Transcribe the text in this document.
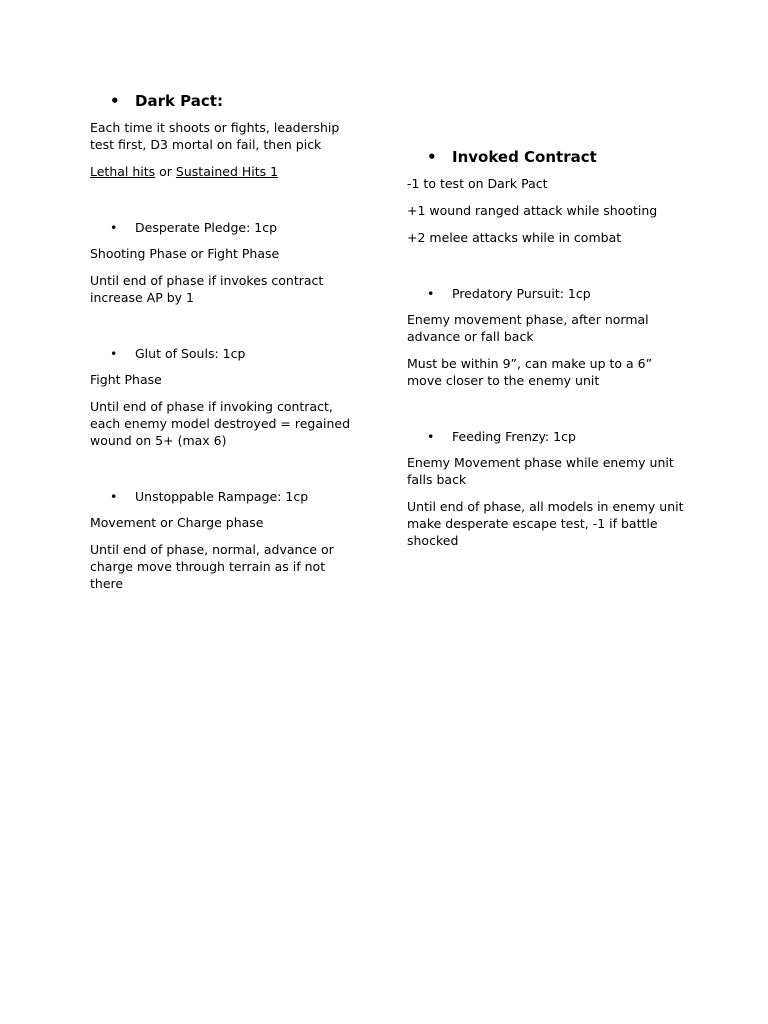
• Dark Pact:

Each time it shoots or fights, leadership test first, D3 mortal on fail, then pick

Lethal hits or Sustained Hits 1

• Desperate Pledge: 1cp

Shooting Phase or Fight Phase

Until end of phase if invokes contract increase AP by 1

• Glut of Souls: 1cp

Fight Phase

Until end of phase if invoking contract, each enemy model destroyed = regained wound on 5+ (max 6)

• Unstoppable Rampage: 1cp

Movement or Charge phase

Until end of phase, normal, advance or charge move through terrain as if not there

• Invoked Contract

-1 to test on Dark Pact

+1 wound ranged attack while shooting

+2 melee attacks while in combat

• Predatory Pursuit: 1cp

Enemy movement phase, after normal advance or fall back

Must be within 9”, can make up to a 6” move closer to the enemy unit

• Feeding Frenzy: 1cp

Enemy Movement phase while enemy unit falls back

Until end of phase, all models in enemy unit make desperate escape test, -1 if battle shocked
